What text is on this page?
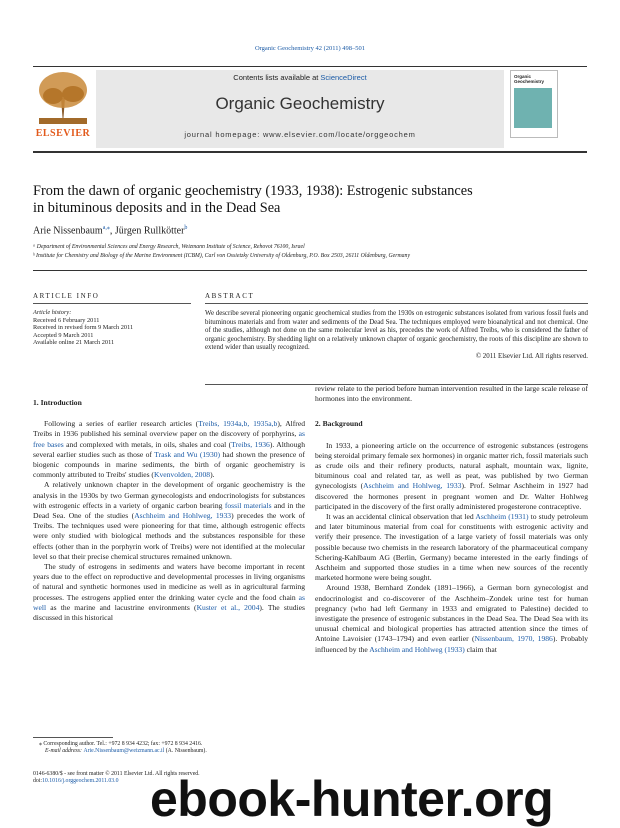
Organic Geochemistry 42 (2011) 498–501
ELSEVIER
Contents lists available at ScienceDirect
Organic Geochemistry
journal homepage: www.elsevier.com/locate/orggeochem
Organic Geochemistry
From the dawn of organic geochemistry (1933, 1938): Estrogenic substances
in bituminous deposits and in the Dead Sea
Arie Nissenbaum$^{a,⁎}$, Jürgen Rullkötter$^b$
ᵃ Department of Environmental Sciences and Energy Research, Weizmann Institute of Science, Rehovot 76100, Israel
ᵇ Institute for Chemistry and Biology of the Marine Environment (ICBM), Carl von Ossietzky University of Oldenburg, P.O. Box 2503, 26111 Oldenburg, Germany
ARTICLE INFO
Article history:
Received 6 February 2011
Received in revised form 9 March 2011
Accepted 9 March 2011
Available online 21 March 2011
ABSTRACT
We describe several pioneering organic geochemical studies from the 1930s on estrogenic substances isolated from various fossil fuels and bituminous materials and from water and sediments of the Dead Sea. The techniques employed were bioanalytical and not chemical. One of the studies, although not done on the same molecular level as his, precedes the work of Alfred Treibs, who is considered the father of organic geochemistry. By shedding light on a relatively unknown chapter of organic geochemistry, the roots of this discipline are shown to extend wider than usually recognized.
© 2011 Elsevier Ltd. All rights reserved.
1. Introduction

Following a series of earlier research articles (Treibs, 1934a,b, 1935a,b), Alfred Treibs in 1936 published his seminal overview paper on the discovery of porphyrins, as free bases and complexed with metals, in oils, shales and coal (Treibs, 1936). Although several earlier studies such as those of Trask and Wu (1930) had shown the presence of biogenic compounds in marine sediments, the birth of organic geochemistry is commonly attributed to Treibs' studies (Kvenvolden, 2008).

A relatively unknown chapter in the development of organic geochemistry is the analysis in the 1930s by two German gynecologists and endocrinologists for substances with estrogenic effects in a variety of organic carbon bearing fossil materials and in the Dead Sea. One of the studies (Aschheim and Hohlweg, 1933) precedes the work of Treibs. The techniques used were pioneering for that time, although estrogenic effects were only studied with biological methods and the substances responsible for these effects (other than in the porphyrin work of Treibs) were not identified at the molecular level so that their precise chemical structures remained unknown.

The study of estrogens in sediments and waters have become important in recent years due to the effect on reproductive and developmental processes in living organisms of natural and synthetic hormones used in medicine as well as in agricultural farming processes. The estrogens applied enter the drinking water cycle and the food chain as well as the marine and lacustrine environments (Kuster et al., 2004). The studies discussed in this historical

review relate to the period before human intervention resulted in the large scale release of hormones into the environment.
2. Background

In 1933, a pioneering article on the occurrence of estrogenic substances (estrogens being steroidal primary female sex hormones) in organic matter rich, fossil materials such as crude oils and their refinery products, natural asphalt, mountain wax, lignite, bituminous coal and related tar, as well as peat, was published by two German gynecologists (Aschheim and Hohlweg, 1933). Prof. Selmar Aschheim in 1927 had discovered the hormones present in pregnant women and Dr. Walter Hohlweg participated in the discovery of the first orally administered progesterone contraceptive.

It was an accidental clinical observation that led Aschheim (1931) to study petroleum and later bituminous material from coal for constituents with estrogenic activity and verify their presence. The investigation of a large variety of fossil materials was only possible because two chemists in the research laboratory of the pharmaceutical company Schering-Kahlbaum AG (Berlin, Germany) became interested in the early findings of Aschheim and supported those studies in a time when new sources of the recently marketed hormone were being sought.

Around 1938, Bernhard Zondek (1891–1966), a German born gynecologist and endocrinologist and co-discoverer of the Aschheim–Zondek urine test for human pregnancy (who had left Germany in 1933 and emigrated to Palestine) decided to investigate the presence of estrogenic substances in the Dead Sea. The Dead Sea with its unusual chemical and biological properties has attracted attention since the times of Antoine Lavoisier (1743–1794) and even earlier (Nissenbaum, 1970, 1986). Probably influenced by the Aschheim and Hohlweg (1933) claim that

⁎ Corresponding author. Tel.: +972 8 934 4232; fax: +972 8 934 2416.
E-mail address: Arie.Nissenbaum@weizmann.ac.il (A. Nissenbaum).
0146-6380/$ - see front matter © 2011 Elsevier Ltd. All rights reserved.
doi:10.1016/j.orggeochem.2011.03.0 ebook-hunter.org
